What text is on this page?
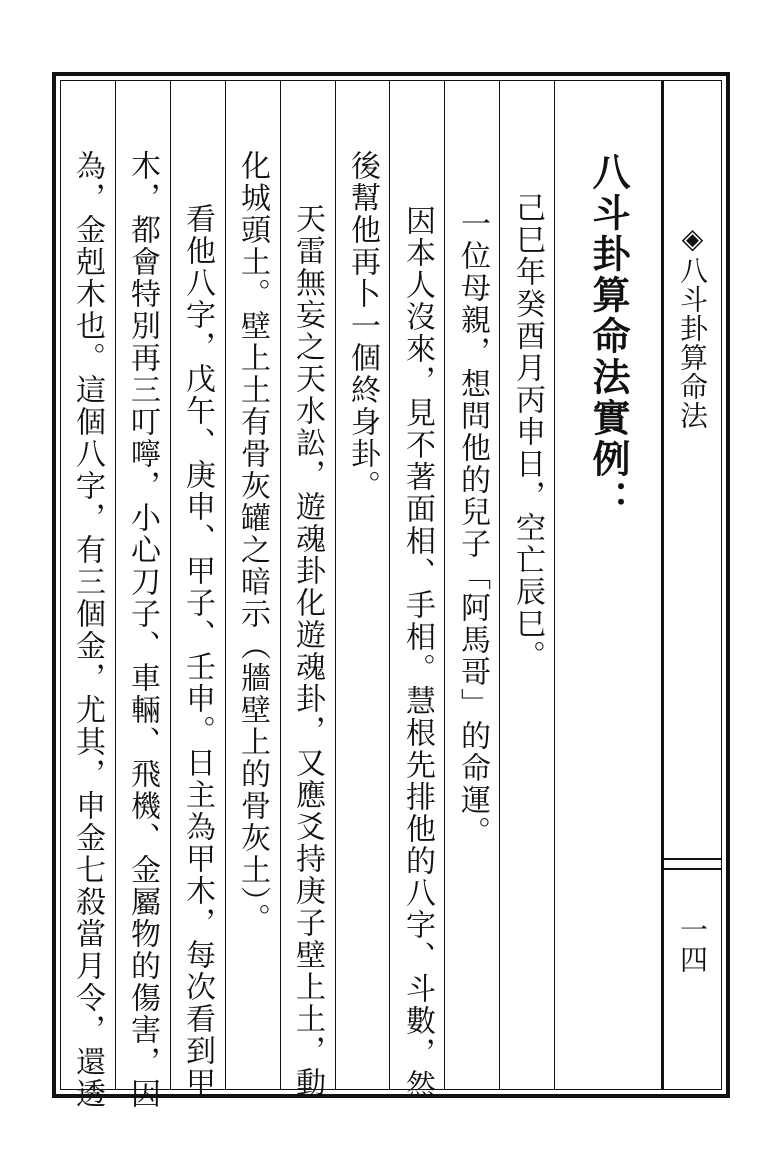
◈八斗卦算命法
一四
八斗卦算命法實例：
己巳年癸酉月丙申日，空亡辰巳。
一位母親，想問他的兒子「阿馬哥」的命運。
因本人沒來，見不著面相、手相。慧根先排他的八字、斗數，然
後幫他再卜一個終身卦。
天雷無妄之天水訟，遊魂卦化遊魂卦，又應爻持庚子壁上土，動
化城頭土。壁上土有骨灰罐之暗示（牆壁上的骨灰土）。
看他八字，戊午、庚申、甲子、壬申。日主為甲木，每次看到甲
木，都會特別再三叮嚀，小心刀子、車輛、飛機、金屬物的傷害，因
為，金剋木也。這個八字，有三個金，尤其，申金七殺當月令，還透
